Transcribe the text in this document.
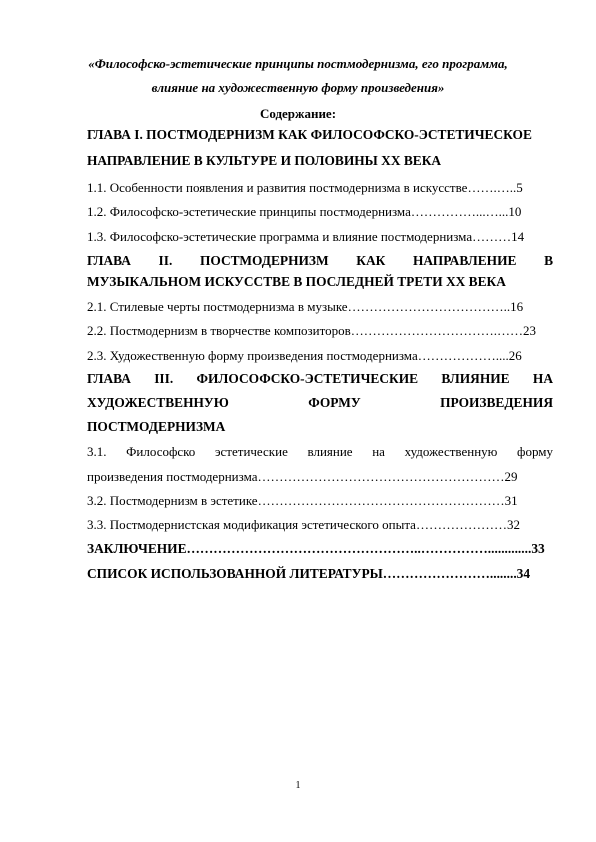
«Философско-эстетические принципы постмодернизма, его программа,
влияние на художественную форму произведения»
Содержание:
ГЛАВА I. ПОСТМОДЕРНИЗМ КАК ФИЛОСОФСКО-ЭСТЕТИЧЕСКОЕ
НАПРАВЛЕНИЕ В КУЛЬТУРЕ И ПОЛОВИНЫ XX ВЕКА
1.1. Особенности появления и развития постмодернизма в искусстве…….…..5
1.2. Философско-эстетические принципы постмодернизма……………...…...10
1.3. Философско-эстетические программа и влияние постмодернизма………14
ГЛАВА II. ПОСТМОДЕРНИЗМ КАК НАПРАВЛЕНИЕ В
МУЗЫКАЛЬНОМ ИСКУССТВЕ В ПОСЛЕДНЕЙ ТРЕТИ XX ВЕКА
2.1. Стилевые черты постмодернизма в музыке………………………………..16
2.2. Постмодернизм в творчестве композиторов…………………………….……23
2.3. Художественную форму произведения постмодернизма………………....26
ГЛАВА III. ФИЛОСОФСКО-ЭСТЕТИЧЕСКИЕ ВЛИЯНИЕ НА
ХУДОЖЕСТВЕННУЮ ФОРМУ ПРОИЗВЕДЕНИЯ
ПОСТМОДЕРНИЗМА
3.1. Философско эстетические влияние на художественную форму
произведения постмодернизма…………………………………………………29
3.2. Постмодернизм в эстетике…………………………………………………31
3.3. Постмодернистская модификация эстетического опыта…………………32
ЗАКЛЮЧЕНИЕ……………………………………………..…………….............33
СПИСОК ИСПОЛЬЗОВАННОЙ ЛИТЕРАТУРЫ……………………........34
1
